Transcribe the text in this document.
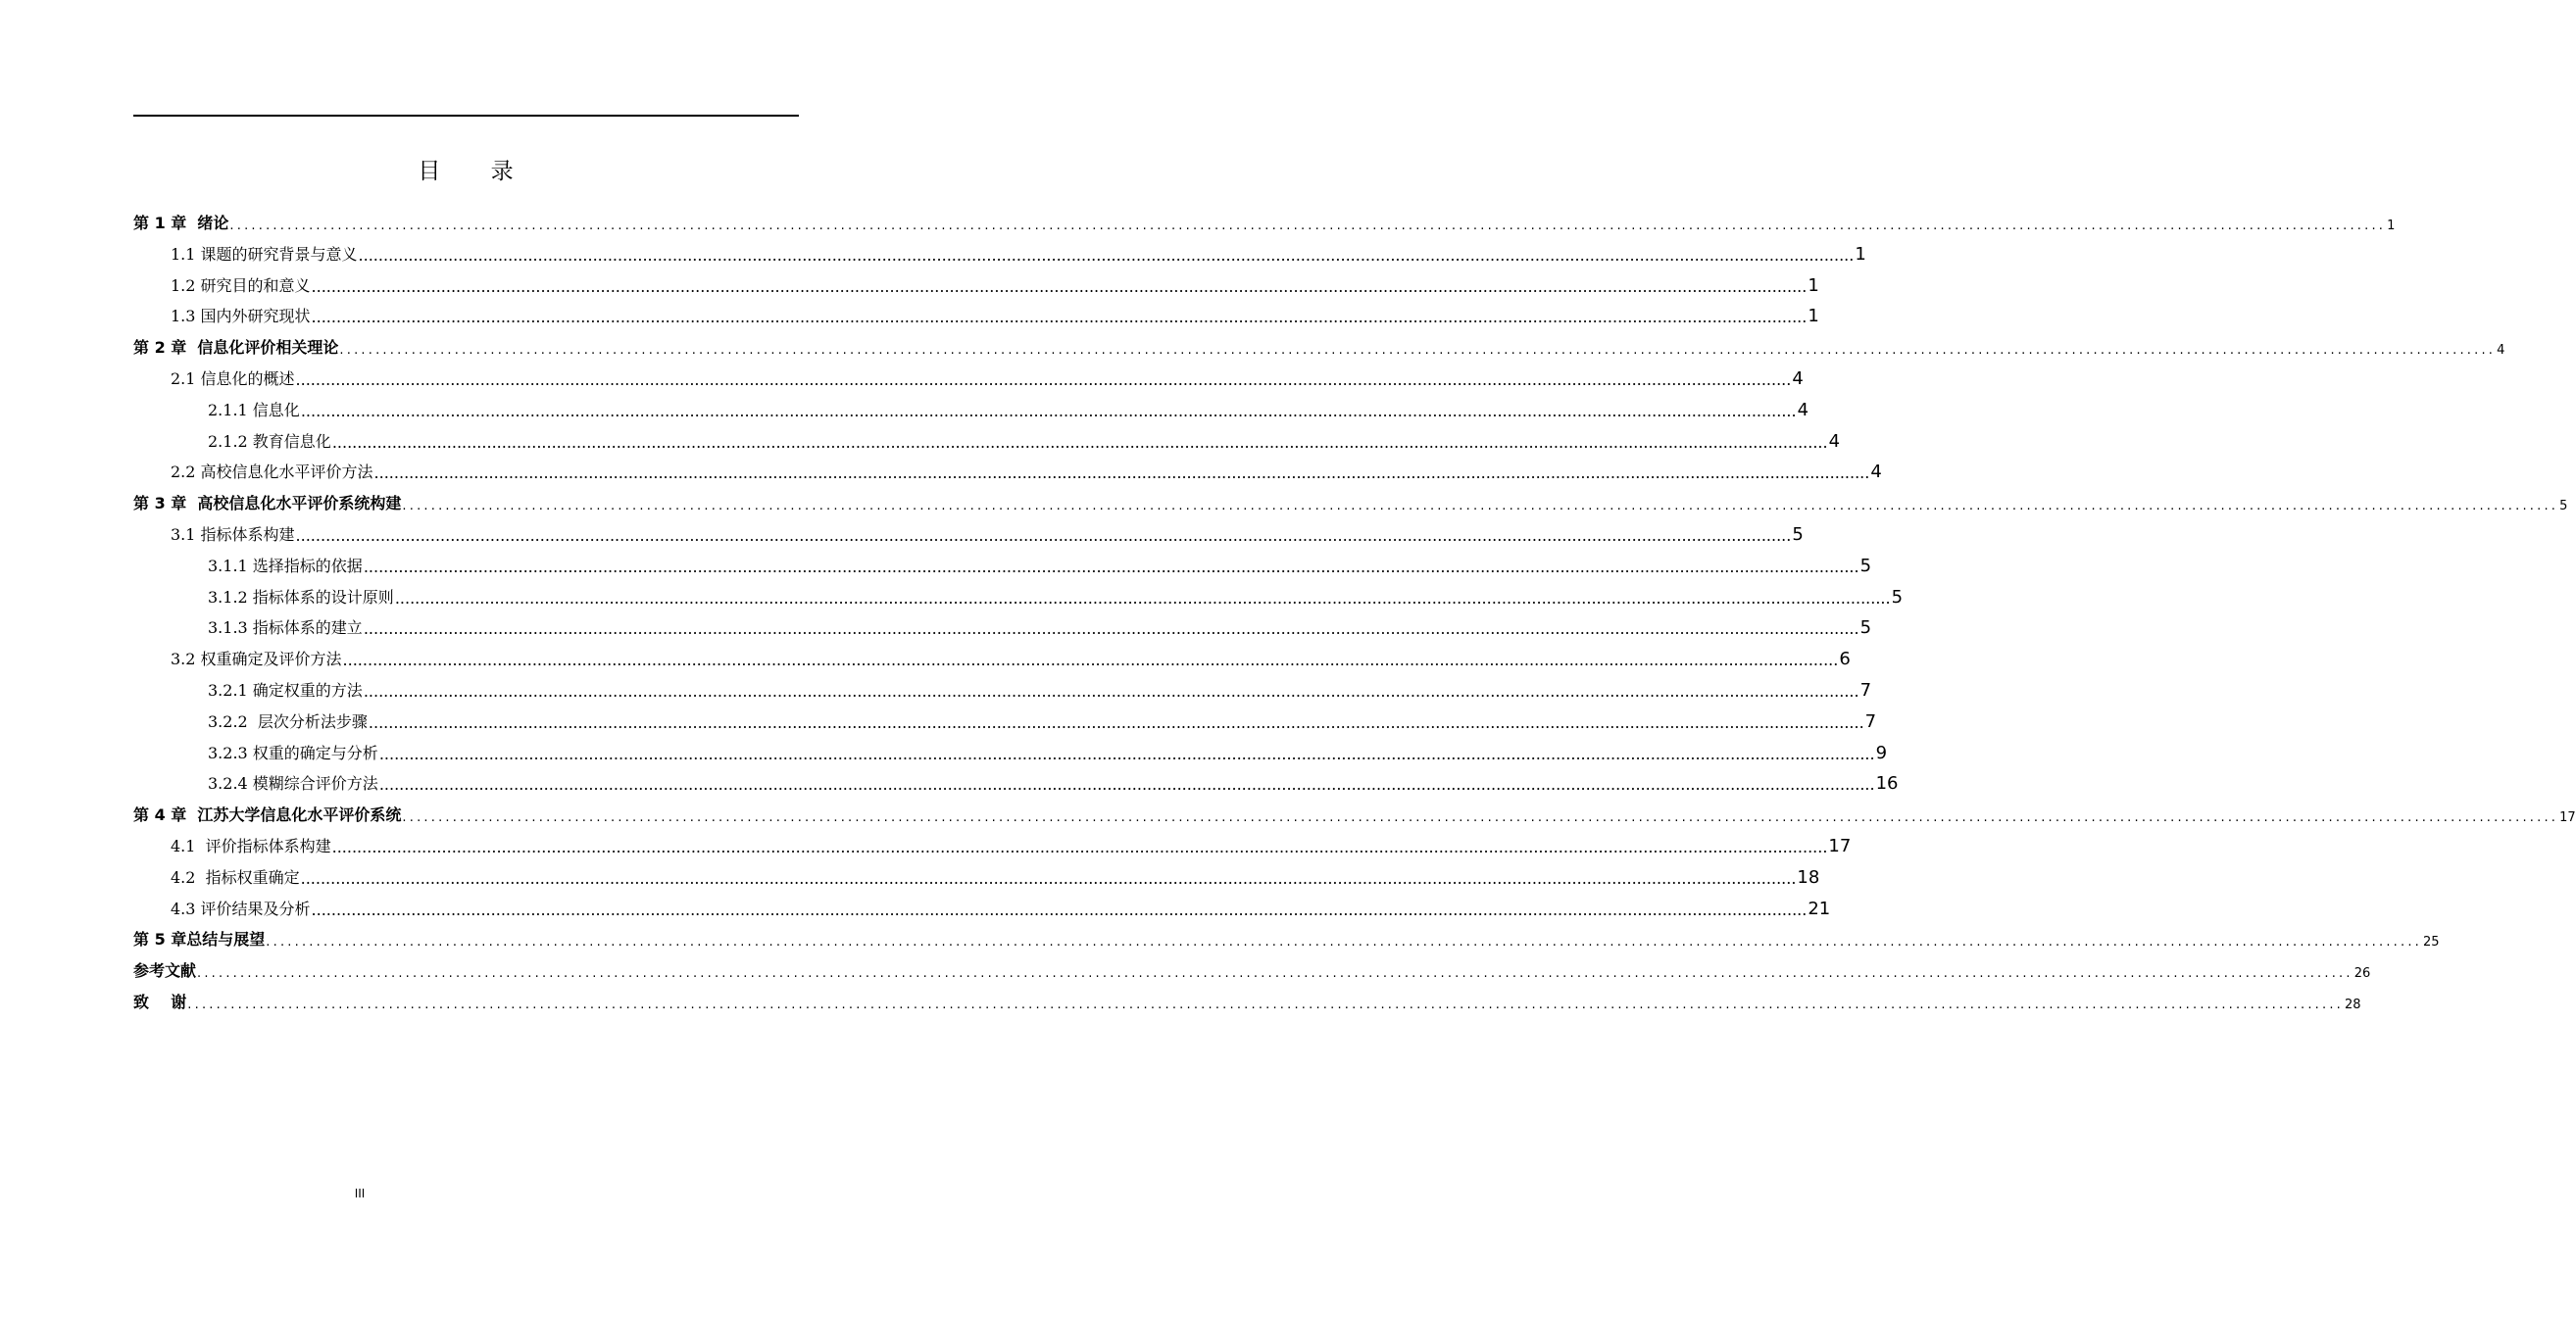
目 录
第 1 章  绪论 ............................................................................................................................................................................................................................................................................................................ 1
1.1 课题的研究背景与意义 ............................................................................................................................................................................................................................................................................................................ 1
1.2 研究目的和意义 ............................................................................................................................................................................................................................................................................................................ 1
1.3 国内外研究现状 ............................................................................................................................................................................................................................................................................................................ 1
第 2 章  信息化评价相关理论 ............................................................................................................................................................................................................................................................................................................ 4
2.1 信息化的概述 ............................................................................................................................................................................................................................................................................................................ 4
2.1.1 信息化 ............................................................................................................................................................................................................................................................................................................ 4
2.1.2 教育信息化 ............................................................................................................................................................................................................................................................................................................ 4
2.2 高校信息化水平评价方法 ............................................................................................................................................................................................................................................................................................................ 4
第 3 章  高校信息化水平评价系统构建 ............................................................................................................................................................................................................................................................................................................ 5
3.1 指标体系构建 ............................................................................................................................................................................................................................................................................................................ 5
3.1.1 选择指标的依据 ............................................................................................................................................................................................................................................................................................................ 5
3.1.2 指标体系的设计原则 ............................................................................................................................................................................................................................................................................................................ 5
3.1.3 指标体系的建立 ............................................................................................................................................................................................................................................................................................................ 5
3.2 权重确定及评价方法 ............................................................................................................................................................................................................................................................................................................ 6
3.2.1 确定权重的方法 ............................................................................................................................................................................................................................................................................................................ 7
3.2.2  层次分析法步骤 ............................................................................................................................................................................................................................................................................................................ 7
3.2.3 权重的确定与分析 ............................................................................................................................................................................................................................................................................................................ 9
3.2.4 模糊综合评价方法 ............................................................................................................................................................................................................................................................................................................ 16
第 4 章  江苏大学信息化水平评价系统 ............................................................................................................................................................................................................................................................................................................ 17
4.1  评价指标体系构建 ............................................................................................................................................................................................................................................................................................................ 17
4.2  指标权重确定 ............................................................................................................................................................................................................................................................................................................ 18
4.3 评价结果及分析 ............................................................................................................................................................................................................................................................................................................ 21
第 5 章总结与展望 ............................................................................................................................................................................................................................................................................................................ 25
参考文献 ............................................................................................................................................................................................................................................................................................................ 26
致    谢 ............................................................................................................................................................................................................................................................................................................ 28
III
